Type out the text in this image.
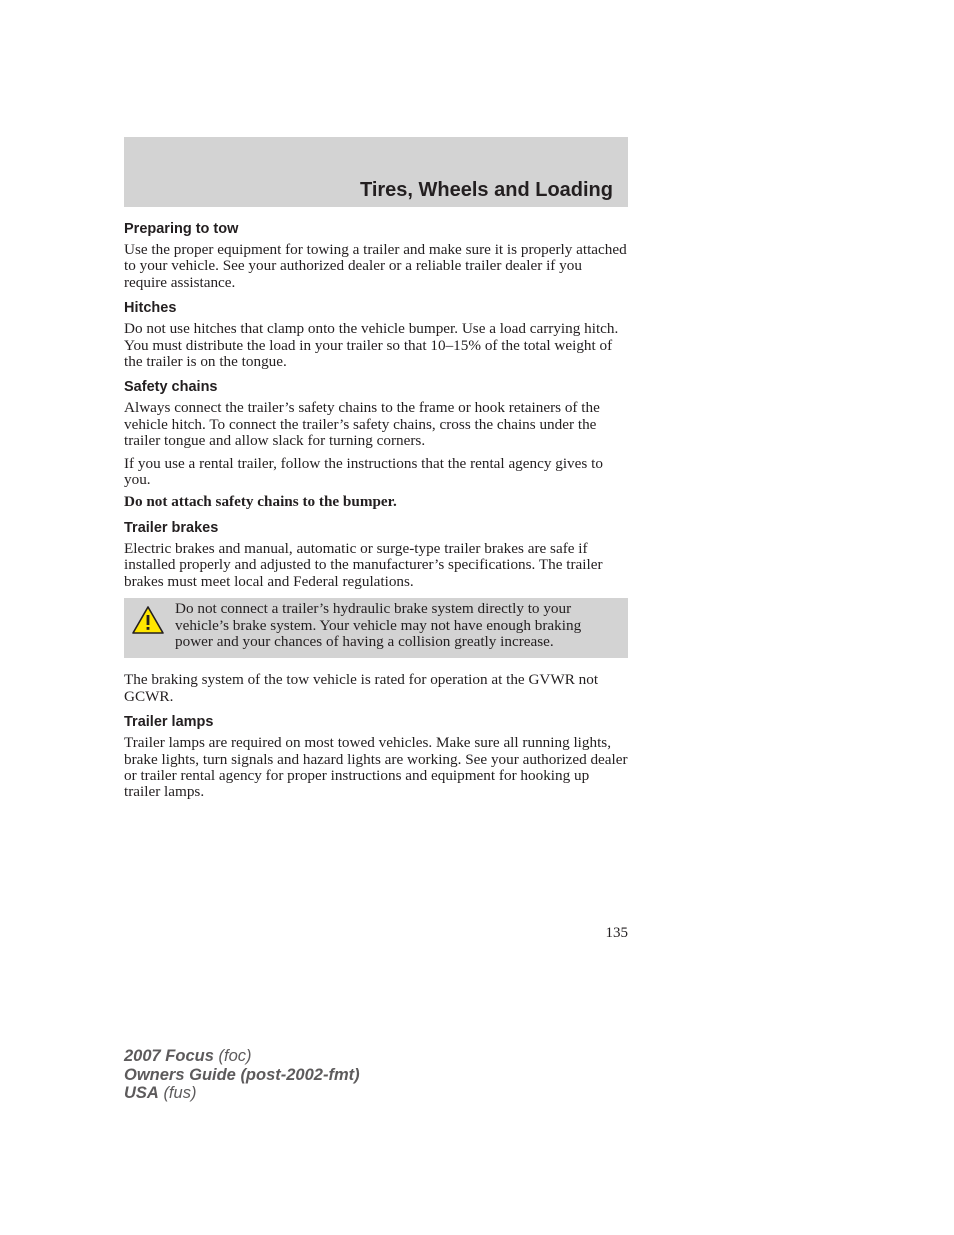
Tires, Wheels and Loading
Preparing to tow

Use the proper equipment for towing a trailer and make sure it is properly attached to your vehicle. See your authorized dealer or a reliable trailer dealer if you require assistance.

Hitches

Do not use hitches that clamp onto the vehicle bumper. Use a load carrying hitch. You must distribute the load in your trailer so that 10–15% of the total weight of the trailer is on the tongue.

Safety chains

Always connect the trailer’s safety chains to the frame or hook retainers of the vehicle hitch. To connect the trailer’s safety chains, cross the chains under the trailer tongue and allow slack for turning corners.

If you use a rental trailer, follow the instructions that the rental agency gives to you.

Do not attach safety chains to the bumper.

Trailer brakes

Electric brakes and manual, automatic or surge-type trailer brakes are safe if installed properly and adjusted to the manufacturer’s specifications. The trailer brakes must meet local and Federal regulations.

Do not connect a trailer’s hydraulic brake system directly to your vehicle’s brake system. Your vehicle may not have enough braking power and your chances of having a collision greatly increase.

The braking system of the tow vehicle is rated for operation at the GVWR not GCWR.

Trailer lamps

Trailer lamps are required on most towed vehicles. Make sure all running lights, brake lights, turn signals and hazard lights are working. See your authorized dealer or trailer rental agency for proper instructions and equipment for hooking up trailer lamps.

135
2007 Focus (foc)
Owners Guide (post-2002-fmt)
USA (fus)
